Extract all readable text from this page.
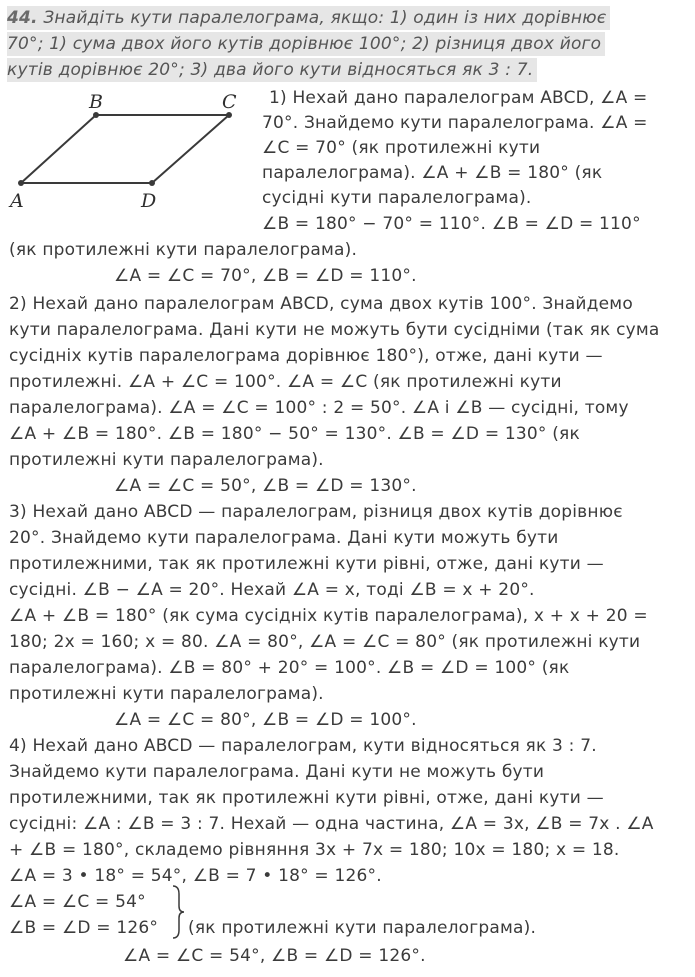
44. Знайдіть кути паралелограма, якщо: 1) один із них дорівнює
70°; 1) сума двох його кутів дорівнює 100°; 2) різниця двох його
кутів дорівнює 20°; 3) два його кути відносяться як 3 : 7.
A
B	C
D
1) Нехай дано паралелограм ABCD, ∠A =
70°. Знайдемо кути паралелограма. ∠A =
∠C = 70° (як протилежні кути
паралелограма). ∠A + ∠B = 180° (як
сусідні кути паралелограма).
∠B = 180° − 70° = 110°. ∠B = ∠D = 110°
(як протилежні кути паралелограма).
∠A = ∠C = 70°, ∠B = ∠D = 110°.
2) Нехай дано паралелограм ABCD, сума двох кутів 100°. Знайдемо
кути паралелограма. Дані кути не можуть бути сусідніми (так як сума
сусідніх кутів паралелограма дорівнює 180°), отже, дані кути —
протилежні. ∠A + ∠C = 100°. ∠A = ∠C (як протилежні кути
паралелограма). ∠A = ∠C = 100° : 2 = 50°. ∠A і ∠B — сусідні, тому
∠A + ∠B = 180°. ∠B = 180° − 50° = 130°. ∠B = ∠D = 130° (як
протилежні кути паралелограма).
∠A = ∠C = 50°, ∠B = ∠D = 130°.
3) Нехай дано ABCD — паралелограм, різниця двох кутів дорівнює
20°. Знайдемо кути паралелограма. Дані кути можуть бути
протилежними, так як протилежні кути рівні, отже, дані кути —
сусідні. ∠B − ∠A = 20°. Нехай ∠A = x, тоді ∠B = x + 20°.
∠A + ∠B = 180° (як сума сусідніх кутів паралелограма), x + x + 20 =
180; 2x = 160; x = 80. ∠A = 80°, ∠A = ∠C = 80° (як протилежні кути
паралелограма). ∠B = 80° + 20° = 100°. ∠B = ∠D = 100° (як
протилежні кути паралелограма).
∠A = ∠C = 80°, ∠B = ∠D = 100°.
4) Нехай дано ABCD — паралелограм, кути відносяться як 3 : 7.
Знайдемо кути паралелограма. Дані кути не можуть бути
протилежними, так як протилежні кути рівні, отже, дані кути —
сусідні: ∠A : ∠B = 3 : 7. Нехай — одна частина, ∠A = 3x, ∠B = 7x . ∠A
+ ∠B = 180°, складемо рівняння 3x + 7x = 180; 10x = 180; x = 18.
∠A = 3 • 18° = 54°, ∠B = 7 • 18° = 126°.
∠A = ∠C = 54°
∠B = ∠D = 126° (як протилежні кути паралелограма).
∠A = ∠C = 54°, ∠B = ∠D = 126°.
